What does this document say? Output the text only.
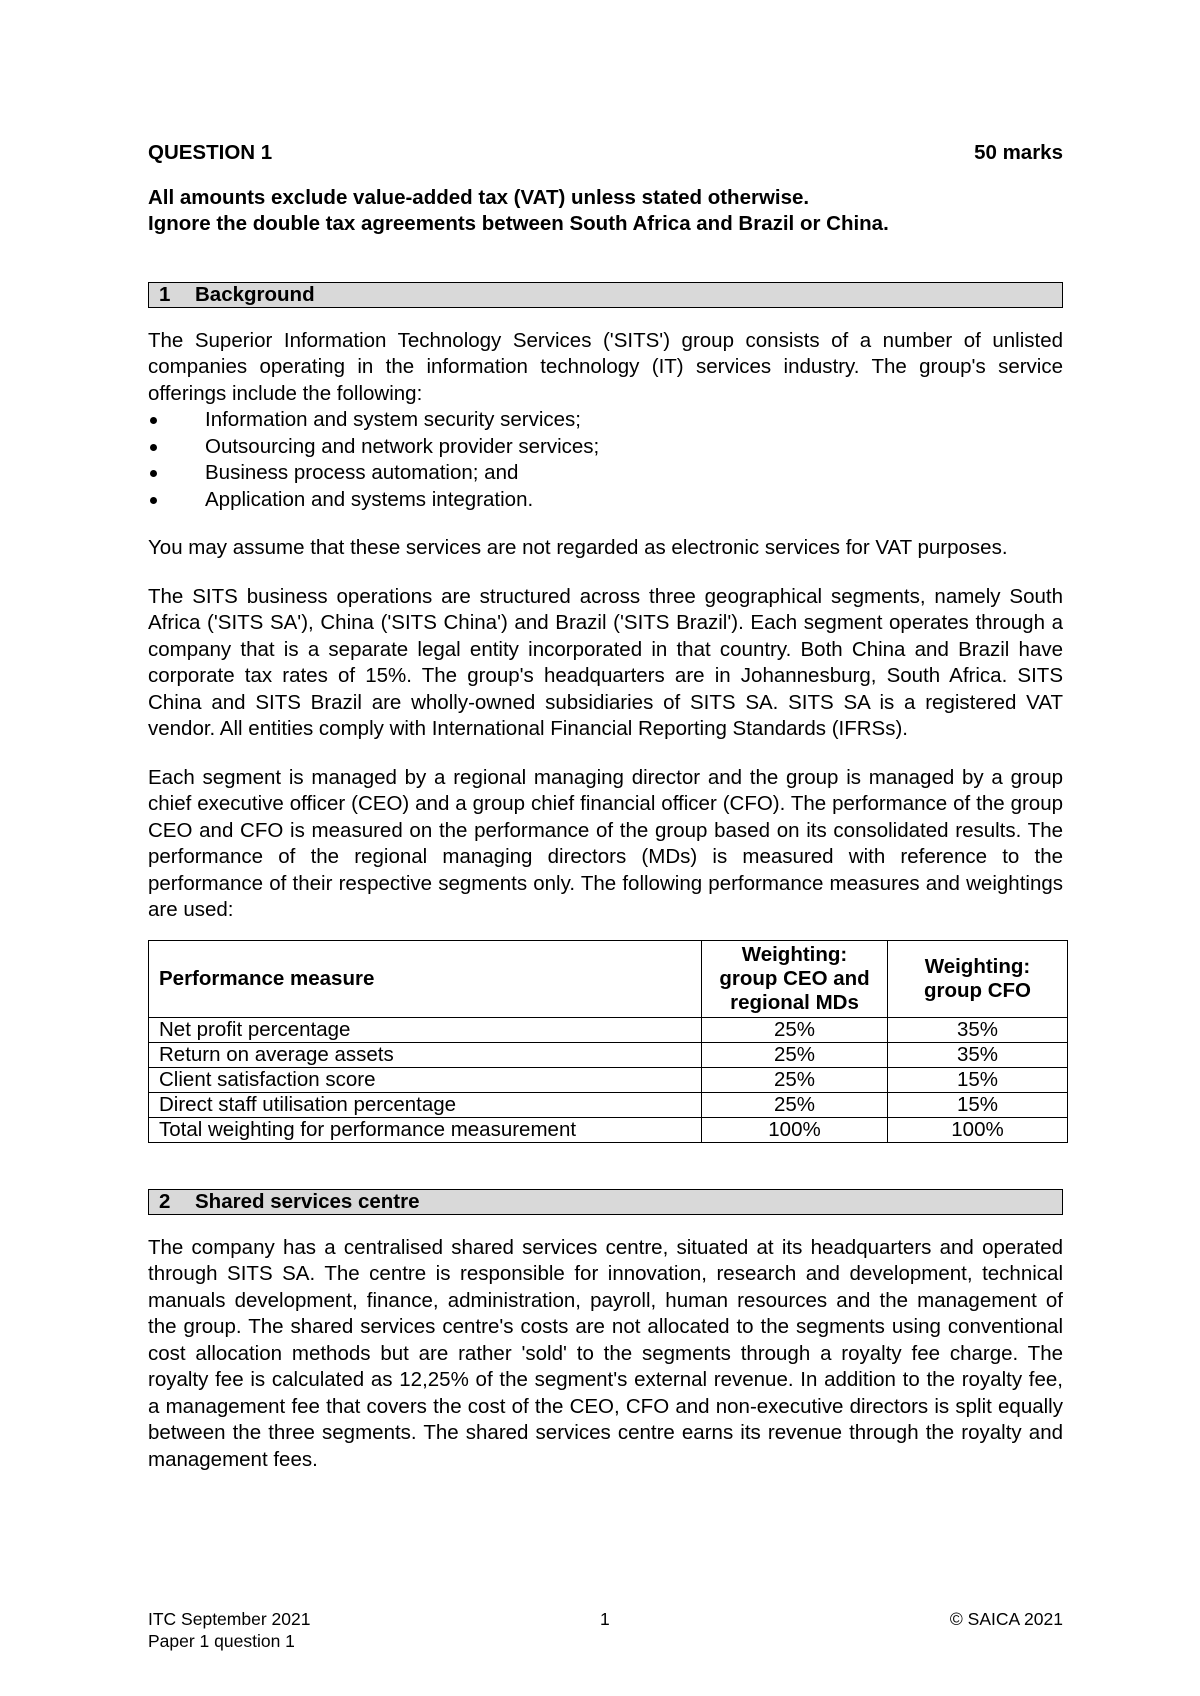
QUESTION 1	50 marks
All amounts exclude value-added tax (VAT) unless stated otherwise.
Ignore the double tax agreements between South Africa and Brazil or China.
1 Background

The Superior Information Technology Services ('SITS') group consists of a number of unlisted companies operating in the information technology (IT) services industry. The group's service offerings include the following:

Information and system security services;
Outsourcing and network provider services;
Business process automation; and
Application and systems integration.

You may assume that these services are not regarded as electronic services for VAT purposes.

The SITS business operations are structured across three geographical segments, namely South Africa ('SITS SA'), China ('SITS China') and Brazil ('SITS Brazil'). Each segment operates through a company that is a separate legal entity incorporated in that country. Both China and Brazil have corporate tax rates of 15%. The group's headquarters are in Johannesburg, South Africa. SITS China and SITS Brazil are wholly-owned subsidiaries of SITS SA. SITS SA is a registered VAT vendor. All entities comply with International Financial Reporting Standards (IFRSs).

Each segment is managed by a regional managing director and the group is managed by a group chief executive officer (CEO) and a group chief financial officer (CFO). The performance of the group CEO and CFO is measured on the performance of the group based on its consolidated results. The performance of the regional managing directors (MDs) is measured with reference to the performance of their respective segments only. The following performance measures and weightings are used:

Performance measure	Weighting: group CEO and regional MDs	Weighting: group CFO
Net profit percentage	25%	35%
Return on average assets	25%	35%
Client satisfaction score	25%	15%
Direct staff utilisation percentage	25%	15%
Total weighting for performance measurement	100%	100%
2 Shared services centre

The company has a centralised shared services centre, situated at its headquarters and operated through SITS SA. The centre is responsible for innovation, research and development, technical manuals development, finance, administration, payroll, human resources and the management of the group. The shared services centre's costs are not allocated to the segments using conventional cost allocation methods but are rather 'sold' to the segments through a royalty fee charge. The royalty fee is calculated as 12,25% of the segment's external revenue. In addition to the royalty fee, a management fee that covers the cost of the CEO, CFO and non-executive directors is split equally between the three segments. The shared services centre earns its revenue through the royalty and management fees.

ITC September 2021	1	© SAICA 2021
Paper 1 question 1
